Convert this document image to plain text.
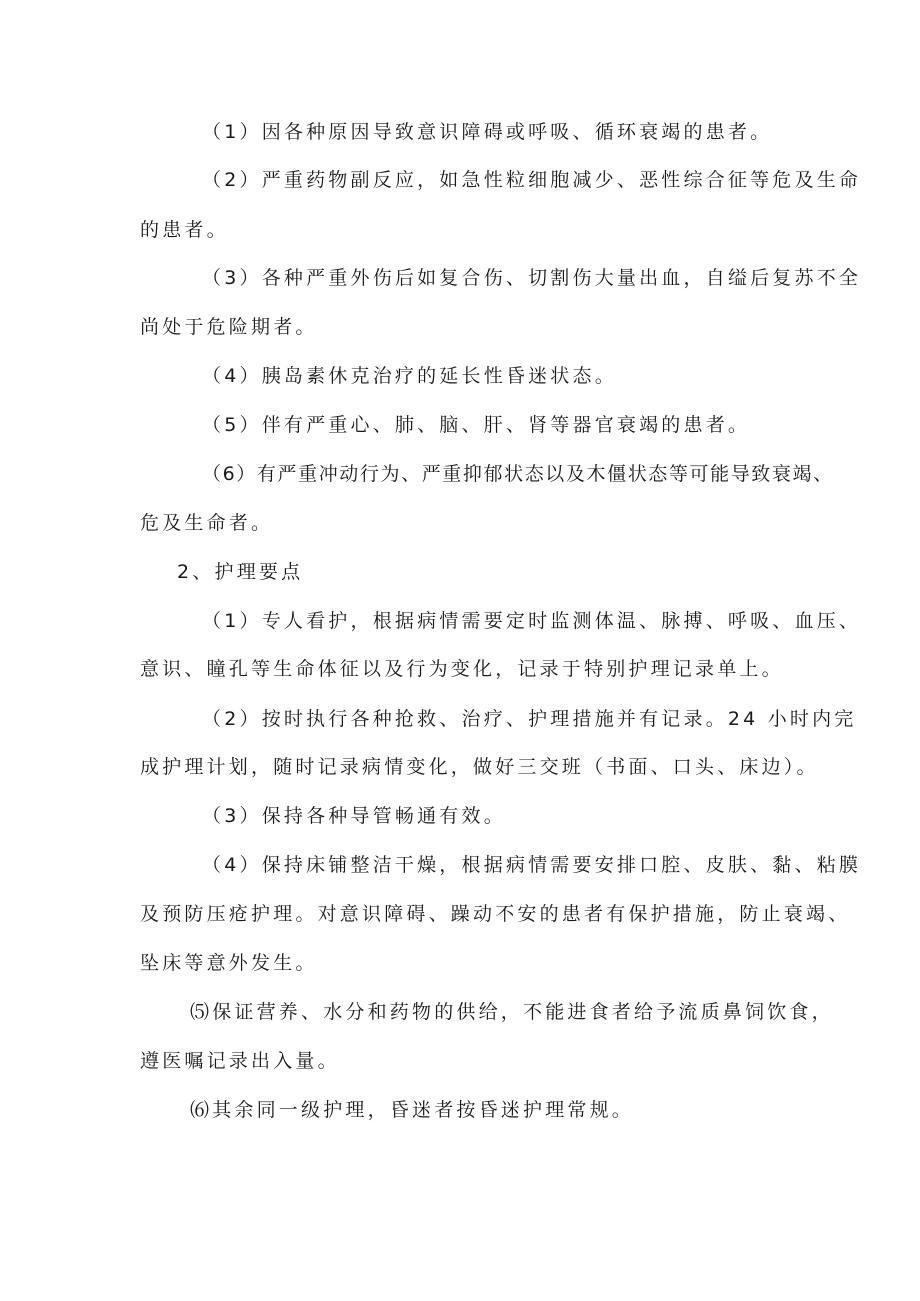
（1）因各种原因导致意识障碍或呼吸、循环衰竭的患者。
（2）严重药物副反应，如急性粒细胞减少、恶性综合征等危及生命
的患者。
（3）各种严重外伤后如复合伤、切割伤大量出血，自缢后复苏不全
尚处于危险期者。
（4）胰岛素休克治疗的延长性昏迷状态。
（5）伴有严重心、肺、脑、肝、肾等器官衰竭的患者。
（6）有严重冲动行为、严重抑郁状态以及木僵状态等可能导致衰竭、
危及生命者。
2、护理要点
（1）专人看护，根据病情需要定时监测体温、脉搏、呼吸、血压、
意识、瞳孔等生命体征以及行为变化，记录于特别护理记录单上。
（2）按时执行各种抢救、治疗、护理措施并有记录。24 小时内完
成护理计划，随时记录病情变化，做好三交班（书面、口头、床边）。
（3）保持各种导管畅通有效。
（4）保持床铺整洁干燥，根据病情需要安排口腔、皮肤、黏、粘膜
及预防压疮护理。对意识障碍、躁动不安的患者有保护措施，防止衰竭、
坠床等意外发生。
⑸保证营养、水分和药物的供给，不能进食者给予流质鼻饲饮食，
遵医嘱记录出入量。
⑹其余同一级护理，昏迷者按昏迷护理常规。
